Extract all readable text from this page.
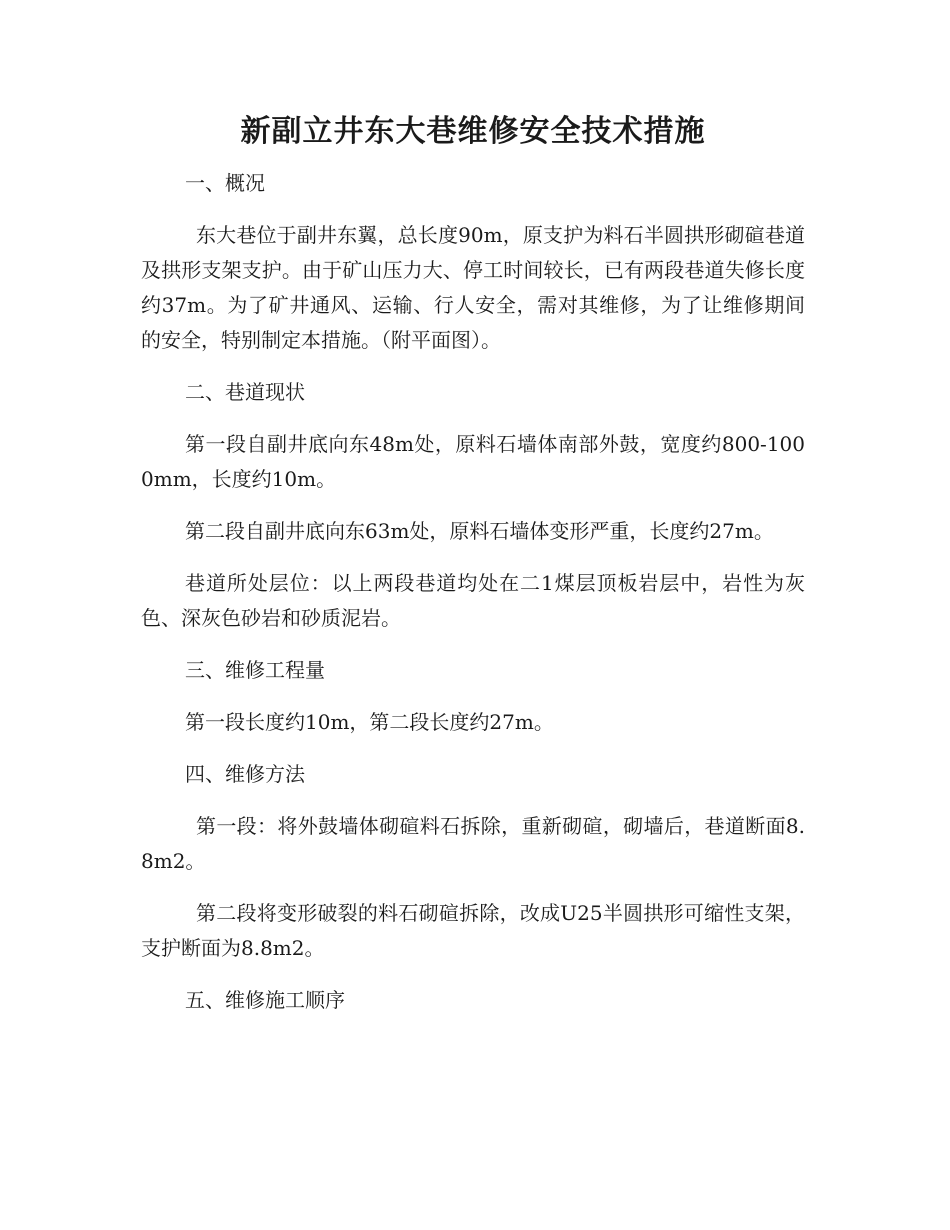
新副立井东大巷维修安全技术措施
一、概况
东大巷位于副井东翼，总长度90m，原支护为料石半圆拱形砌碹巷道及拱形支架支护。由于矿山压力大、停工时间较长，已有两段巷道失修长度约37m。为了矿井通风、运输、行人安全，需对其维修，为了让维修期间的安全，特别制定本措施。（附平面图）。
二、巷道现状
第一段自副井底向东48m处，原料石墙体南部外鼓，宽度约800-1000mm，长度约10m。
第二段自副井底向东63m处，原料石墙体变形严重，长度约27m。
巷道所处层位：以上两段巷道均处在二1煤层顶板岩层中，岩性为灰色、深灰色砂岩和砂质泥岩。
三、维修工程量
第一段长度约10m，第二段长度约27m。
四、维修方法
第一段：将外鼓墙体砌碹料石拆除，重新砌碹，砌墙后，巷道断面8.8m2。
第二段将变形破裂的料石砌碹拆除，改成U25半圆拱形可缩性支架，支护断面为8.8m2。
五、维修施工顺序
